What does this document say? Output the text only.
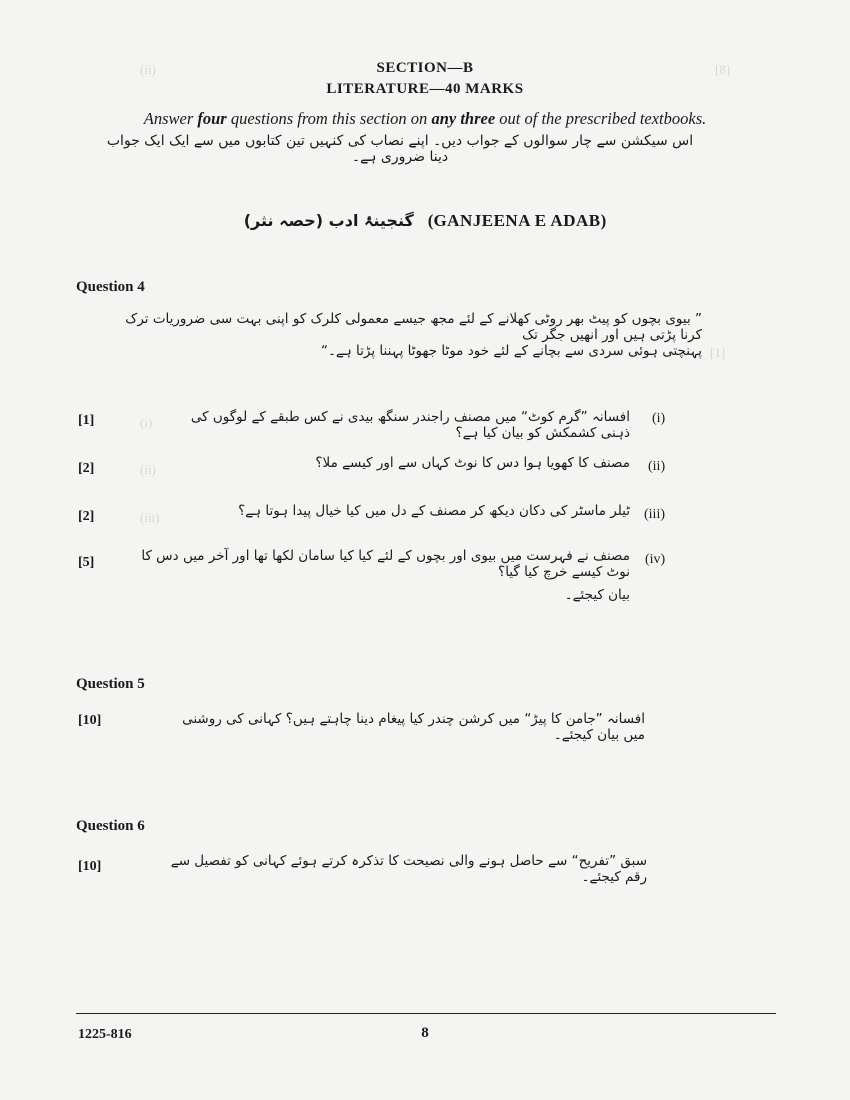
(ii)	[8]
(i)
(ii)
(iii)
[1]
SECTION—B
LITERATURE—40 MARKS
Answer four questions from this section on any three out of the prescribed textbooks.
اس سیکشن سے چار سوالوں کے جواب دیں۔ اپنے نصاب کی کنہیں تین کتابوں میں سے ایک ایک جواب دینا ضروری ہے۔
گنجینۂ ادب (حصہ نثر) (GANJEENA E ADAB)
Question 4
” بیوی بچوں کو پیٹ بھر روٹی کھلانے کے لئے مجھ جیسے معمولی کلرک کو اپنی بہت سی ضروریات ترک کرنا پڑتی ہیں اور انھیں جگر تک
پہنچتی ہوئی سردی سے بچانے کے لئے خود موٹا جھوٹا پہننا پڑتا ہے۔“
[1]	(i)
افسانہ ”گرم کوٹ“ میں مصنف راجندر سنگھ بیدی نے کس طبقے کے لوگوں کی ذہنی کشمکش کو بیان کیا ہے؟
[2]	(ii)
مصنف کا کھویا ہوا دس کا نوٹ کہاں سے اور کیسے ملا؟
[2]	(iii)
ٹیلر ماسٹر کی دکان دیکھ کر مصنف کے دل میں کیا خیال پیدا ہوتا ہے؟
[5]	(iv)
مصنف نے فہرست میں بیوی اور بچوں کے لئے کیا کیا سامان لکھا تھا اور آخر میں دس کا نوٹ کیسے خرچ کیا گیا؟
بیان کیجئے۔
Question 5
[10]	افسانہ ”جامن کا پیڑ“ میں کرشن چندر کیا پیغام دینا چاہتے ہیں؟ کہانی کی روشنی میں بیان کیجئے۔
Question 6
[10]	سبق ”تفریح“ سے حاصل ہونے والی نصیحت کا تذکرہ کرتے ہوئے کہانی کو تفصیل سے رقم کیجئے۔
1225-816	8
